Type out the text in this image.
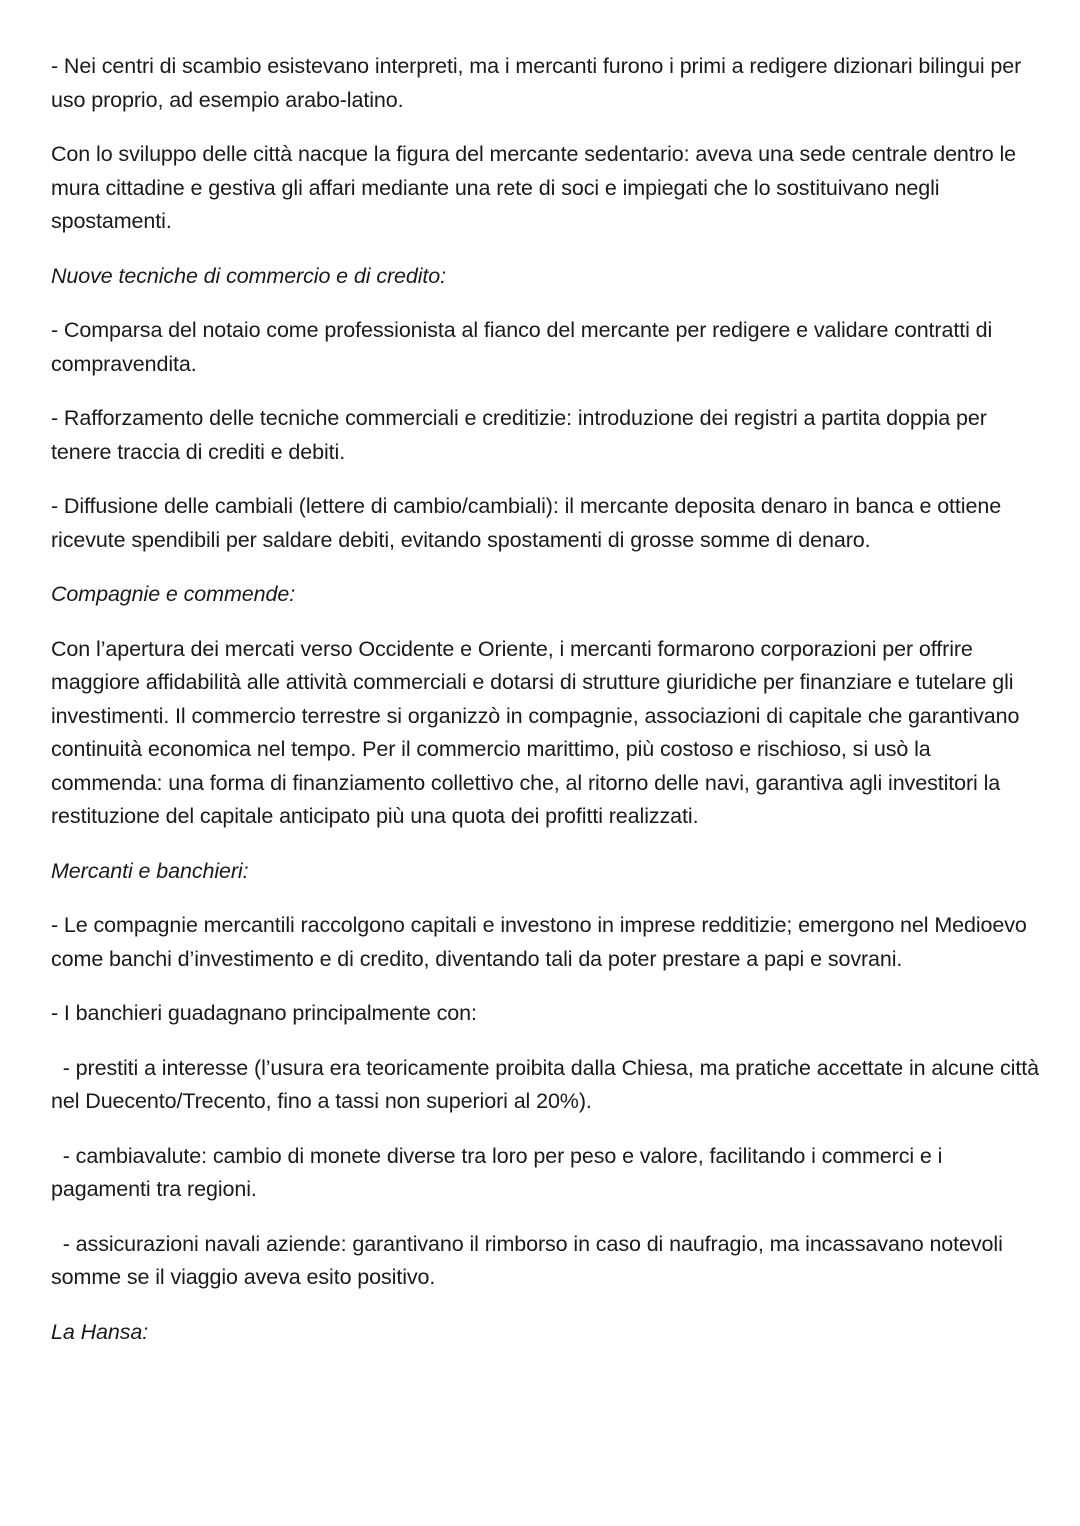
- Nei centri di scambio esistevano interpreti, ma i mercanti furono i primi a redigere dizionari bilingui per uso proprio, ad esempio arabo-latino.

Con lo sviluppo delle città nacque la figura del mercante sedentario: aveva una sede centrale dentro le mura cittadine e gestiva gli affari mediante una rete di soci e impiegati che lo sostituivano negli spostamenti.

Nuove tecniche di commercio e di credito:

- Comparsa del notaio come professionista al fianco del mercante per redigere e validare contratti di compravendita.

- Rafforzamento delle tecniche commerciali e creditizie: introduzione dei registri a partita doppia per tenere traccia di crediti e debiti.

- Diffusione delle cambiali (lettere di cambio/cambiali): il mercante deposita denaro in banca e ottiene ricevute spendibili per saldare debiti, evitando spostamenti di grosse somme di denaro.

Compagnie e commende:

Con l’apertura dei mercati verso Occidente e Oriente, i mercanti formarono corporazioni per offrire maggiore affidabilità alle attività commerciali e dotarsi di strutture giuridiche per finanziare e tutelare gli investimenti. Il commercio terrestre si organizzò in compagnie, associazioni di capitale che garantivano continuità economica nel tempo. Per il commercio marittimo, più costoso e rischioso, si usò la commenda: una forma di finanziamento collettivo che, al ritorno delle navi, garantiva agli investitori la restituzione del capitale anticipato più una quota dei profitti realizzati.

Mercanti e banchieri:

- Le compagnie mercantili raccolgono capitali e investono in imprese redditizie; emergono nel Medioevo come banchi d’investimento e di credito, diventando tali da poter prestare a papi e sovrani.

- I banchieri guadagnano principalmente con:

- prestiti a interesse (l’usura era teoricamente proibita dalla Chiesa, ma pratiche accettate in alcune città nel Duecento/Trecento, fino a tassi non superiori al 20%).

- cambiavalute: cambio di monete diverse tra loro per peso e valore, facilitando i commerci e i pagamenti tra regioni.

- assicurazioni navali aziende: garantivano il rimborso in caso di naufragio, ma incassavano notevoli somme se il viaggio aveva esito positivo.

La Hansa:
